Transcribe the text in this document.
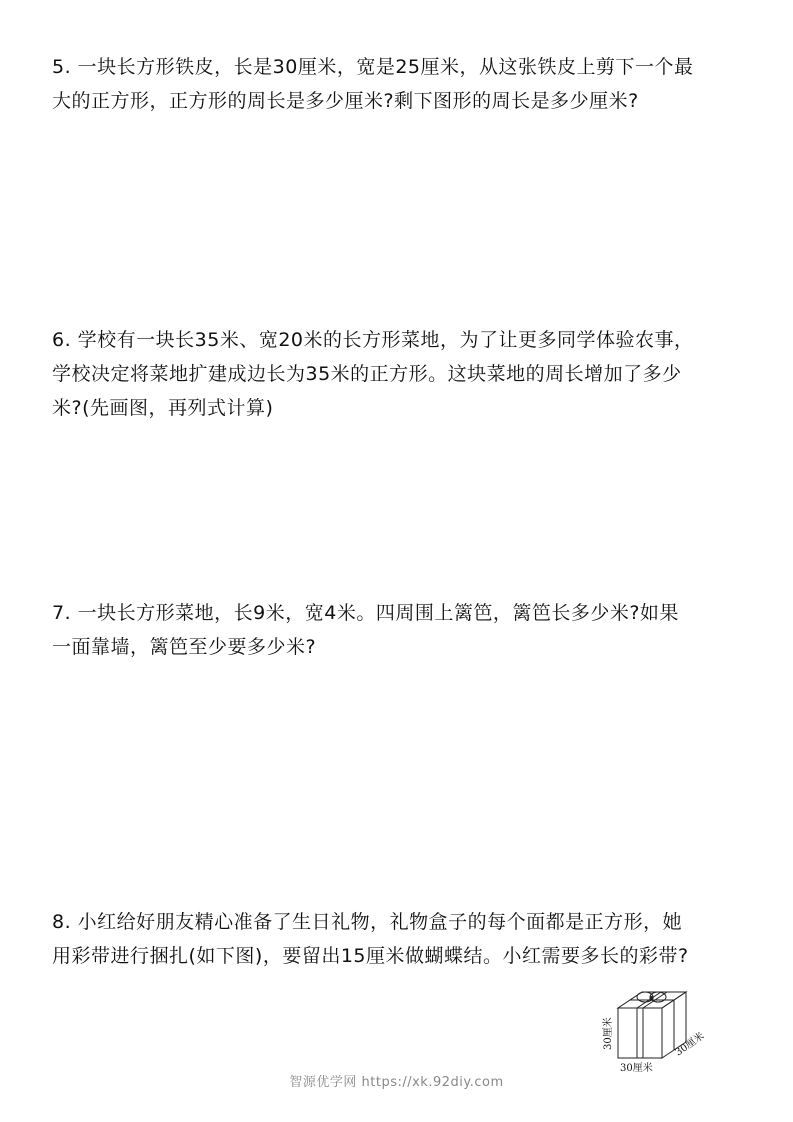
5. 一块长方形铁皮，长是30厘米，宽是25厘米，从这张铁皮上剪下一个最
大的正方形，正方形的周长是多少厘米?剩下图形的周长是多少厘米?
6. 学校有一块长35米、宽20米的长方形菜地，为了让更多同学体验农事，
学校决定将菜地扩建成边长为35米的正方形。这块菜地的周长增加了多少
米?(先画图，再列式计算)
7. 一块长方形菜地，长9米，宽4米。四周围上篱笆，篱笆长多少米?如果
一面靠墙，篱笆至少要多少米?
8. 小红给好朋友精心准备了生日礼物，礼物盒子的每个面都是正方形，她
用彩带进行捆扎(如下图)，要留出15厘米做蝴蝶结。小红需要多长的彩带?
30厘米
30厘米
30厘米
智源优学网 https://xk.92diy.com
